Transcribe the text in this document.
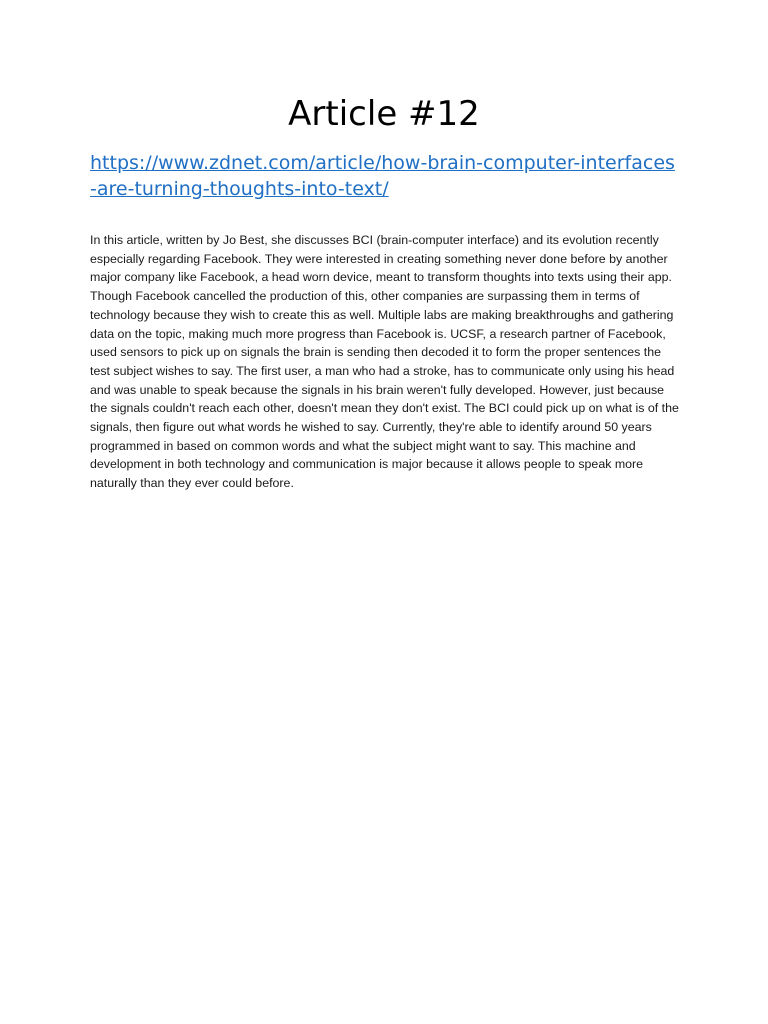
Article #12
https://www.zdnet.com/article/how-brain-computer-interfaces-are-turning-thoughts-into-text/

In this article, written by Jo Best, she discusses BCI (brain-computer interface) and its evolution recently especially regarding Facebook. They were interested in creating something never done before by another major company like Facebook, a head worn device, meant to transform thoughts into texts using their app. Though Facebook cancelled the production of this, other companies are surpassing them in terms of technology because they wish to create this as well. Multiple labs are making breakthroughs and gathering data on the topic, making much more progress than Facebook is. UCSF, a research partner of Facebook, used sensors to pick up on signals the brain is sending then decoded it to form the proper sentences the test subject wishes to say. The first user, a man who had a stroke, has to communicate only using his head and was unable to speak because the signals in his brain weren't fully developed. However, just because the signals couldn't reach each other, doesn't mean they don't exist. The BCI could pick up on what is of the signals, then figure out what words he wished to say. Currently, they're able to identify around 50 years programmed in based on common words and what the subject might want to say. This machine and development in both technology and communication is major because it allows people to speak more naturally than they ever could before.
